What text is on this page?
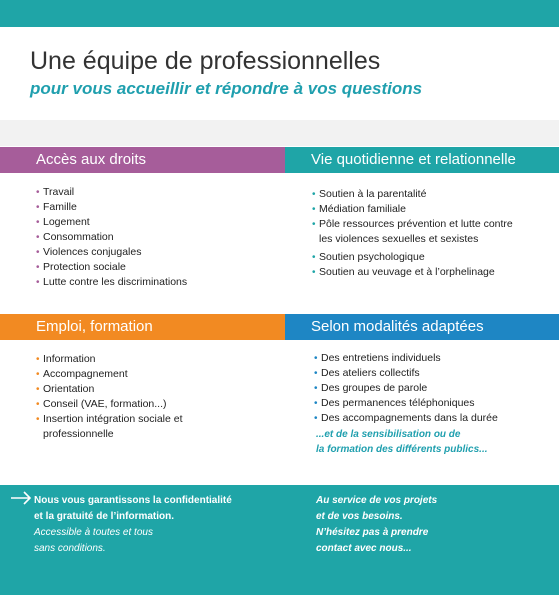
Une équipe de professionnelles
pour vous accueillir et répondre à vos questions
Accès aux droits
• Travail
• Famille
• Logement
• Consommation
• Violences conjugales
• Protection sociale
• Lutte contre les discriminations
Vie quotidienne et relationnelle
• Soutien à la parentalité
• Médiation familiale
• Pôle ressources prévention et lutte contre
les violences sexuelles et sexistes
• Soutien psychologique
• Soutien au veuvage et à l’orphelinage
Emploi, formation
• Information
• Accompagnement
• Orientation
• Conseil (VAE, formation...)
• Insertion intégration sociale et
professionnelle
Selon modalités adaptées
• Des entretiens individuels
• Des ateliers collectifs
• Des groupes de parole
• Des permanences téléphoniques
• Des accompagnements dans la durée
...et de la sensibilisation ou de
la formation des différents publics...
Nous vous garantissons la confidentialité
et la gratuité de l’information.
Accessible à toutes et tous
sans conditions.
Au service de vos projets
et de vos besoins.
N’hésitez pas à prendre
contact avec nous...
